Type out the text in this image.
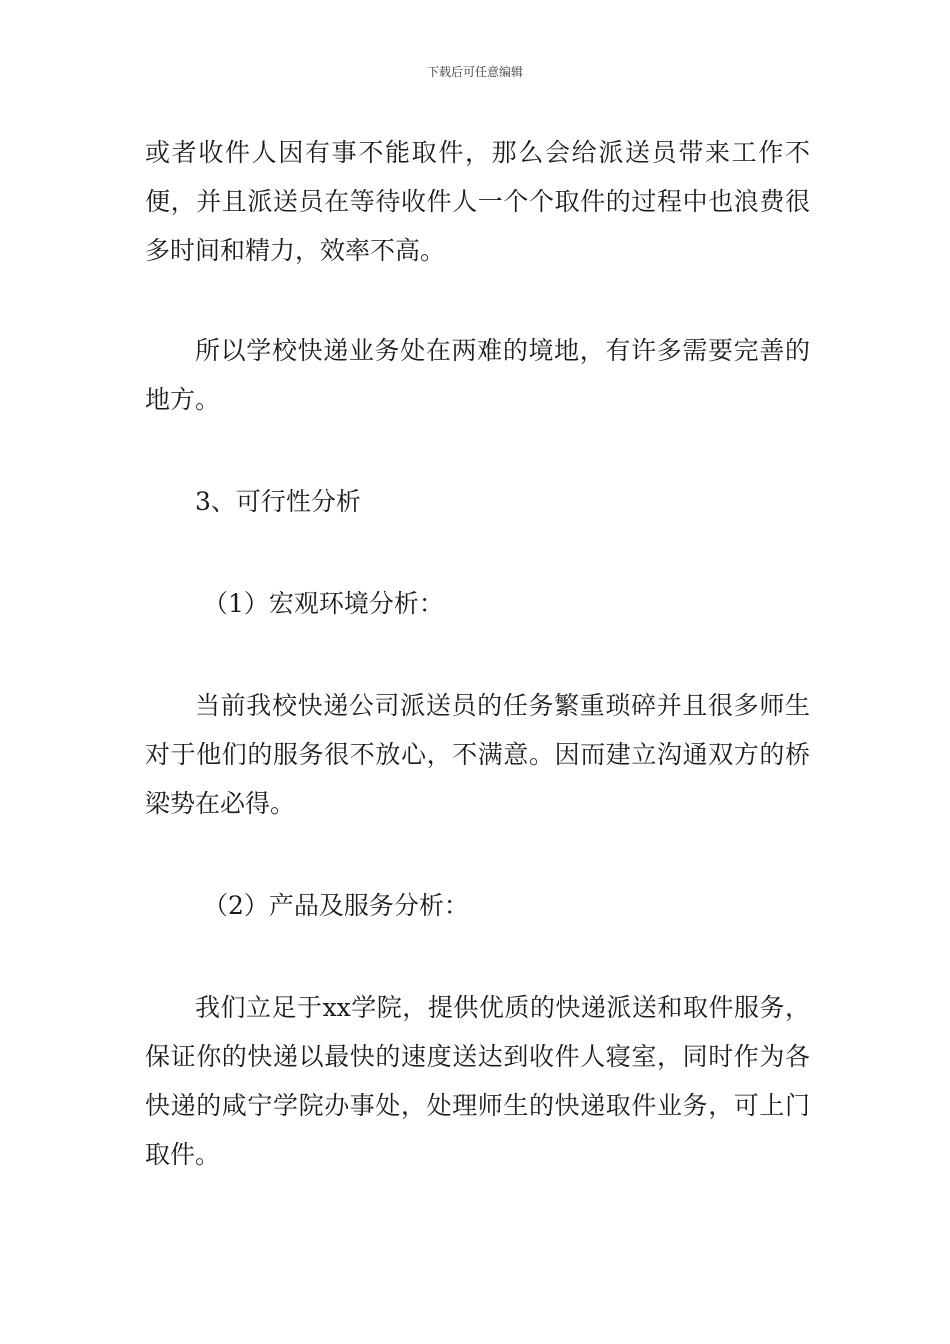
下载后可任意编辑

或者收件人因有事不能取件，那么会给派送员带来工作不便，并且派送员在等待收件人一个个取件的过程中也浪费很多时间和精力，效率不高。

所以学校快递业务处在两难的境地，有许多需要完善的地方。

3、可行性分析

（1）宏观环境分析：

当前我校快递公司派送员的任务繁重琐碎并且很多师生对于他们的服务很不放心，不满意。因而建立沟通双方的桥梁势在必得。

（2）产品及服务分析：

我们立足于xx学院，提供优质的快递派送和取件服务，保证你的快递以最快的速度送达到收件人寝室，同时作为各快递的咸宁学院办事处，处理师生的快递取件业务，可上门取件。
